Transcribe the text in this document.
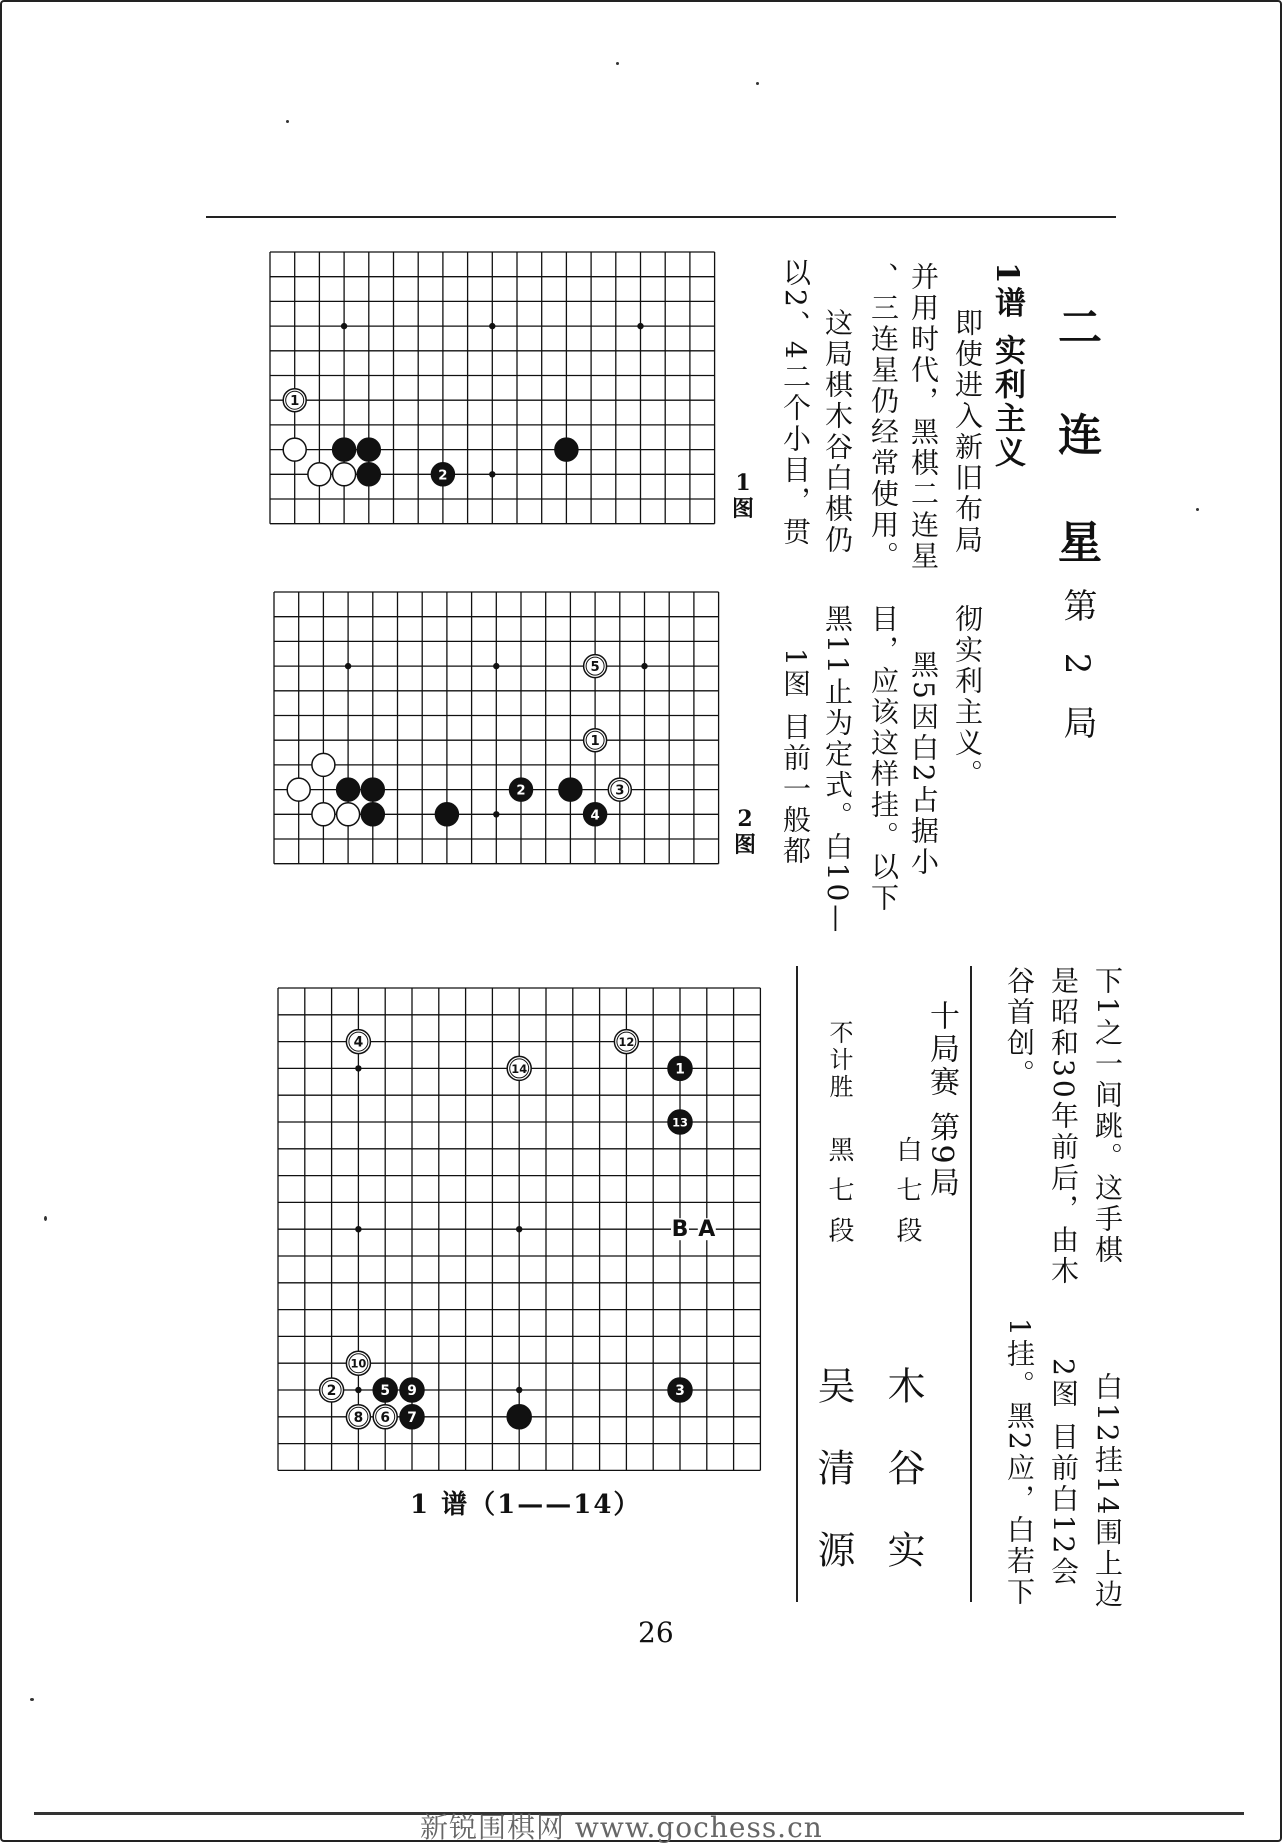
二 连 星
第 2 局
1谱 实利主义
即使进入新旧布局
并用时代，黑棋二连星
、三连星仍经常使用。
这局棋木谷白棋仍
以2、4二个小目，贯
彻实利主义。
黑5因白2占据小
目，应该这样挂。以下
黑11止为定式。白10—
1图 目前一般都
下1之一间跳。这手棋
是昭和30年前后，由木
谷首创。
白12挂14围上边
2图 目前白12会
1挂。黑2应，白若下
十局赛 第9局
白 七 段
不计胜
黑 七 段
木 谷 实
吴 清 源
1
2	1图
2
4
5
1
3
2图
4
14
12
1
13
10
2	5 9
8 6 7
3
B A
1 谱（1——14）
26
新锐围棋网 www.gochess.cn
